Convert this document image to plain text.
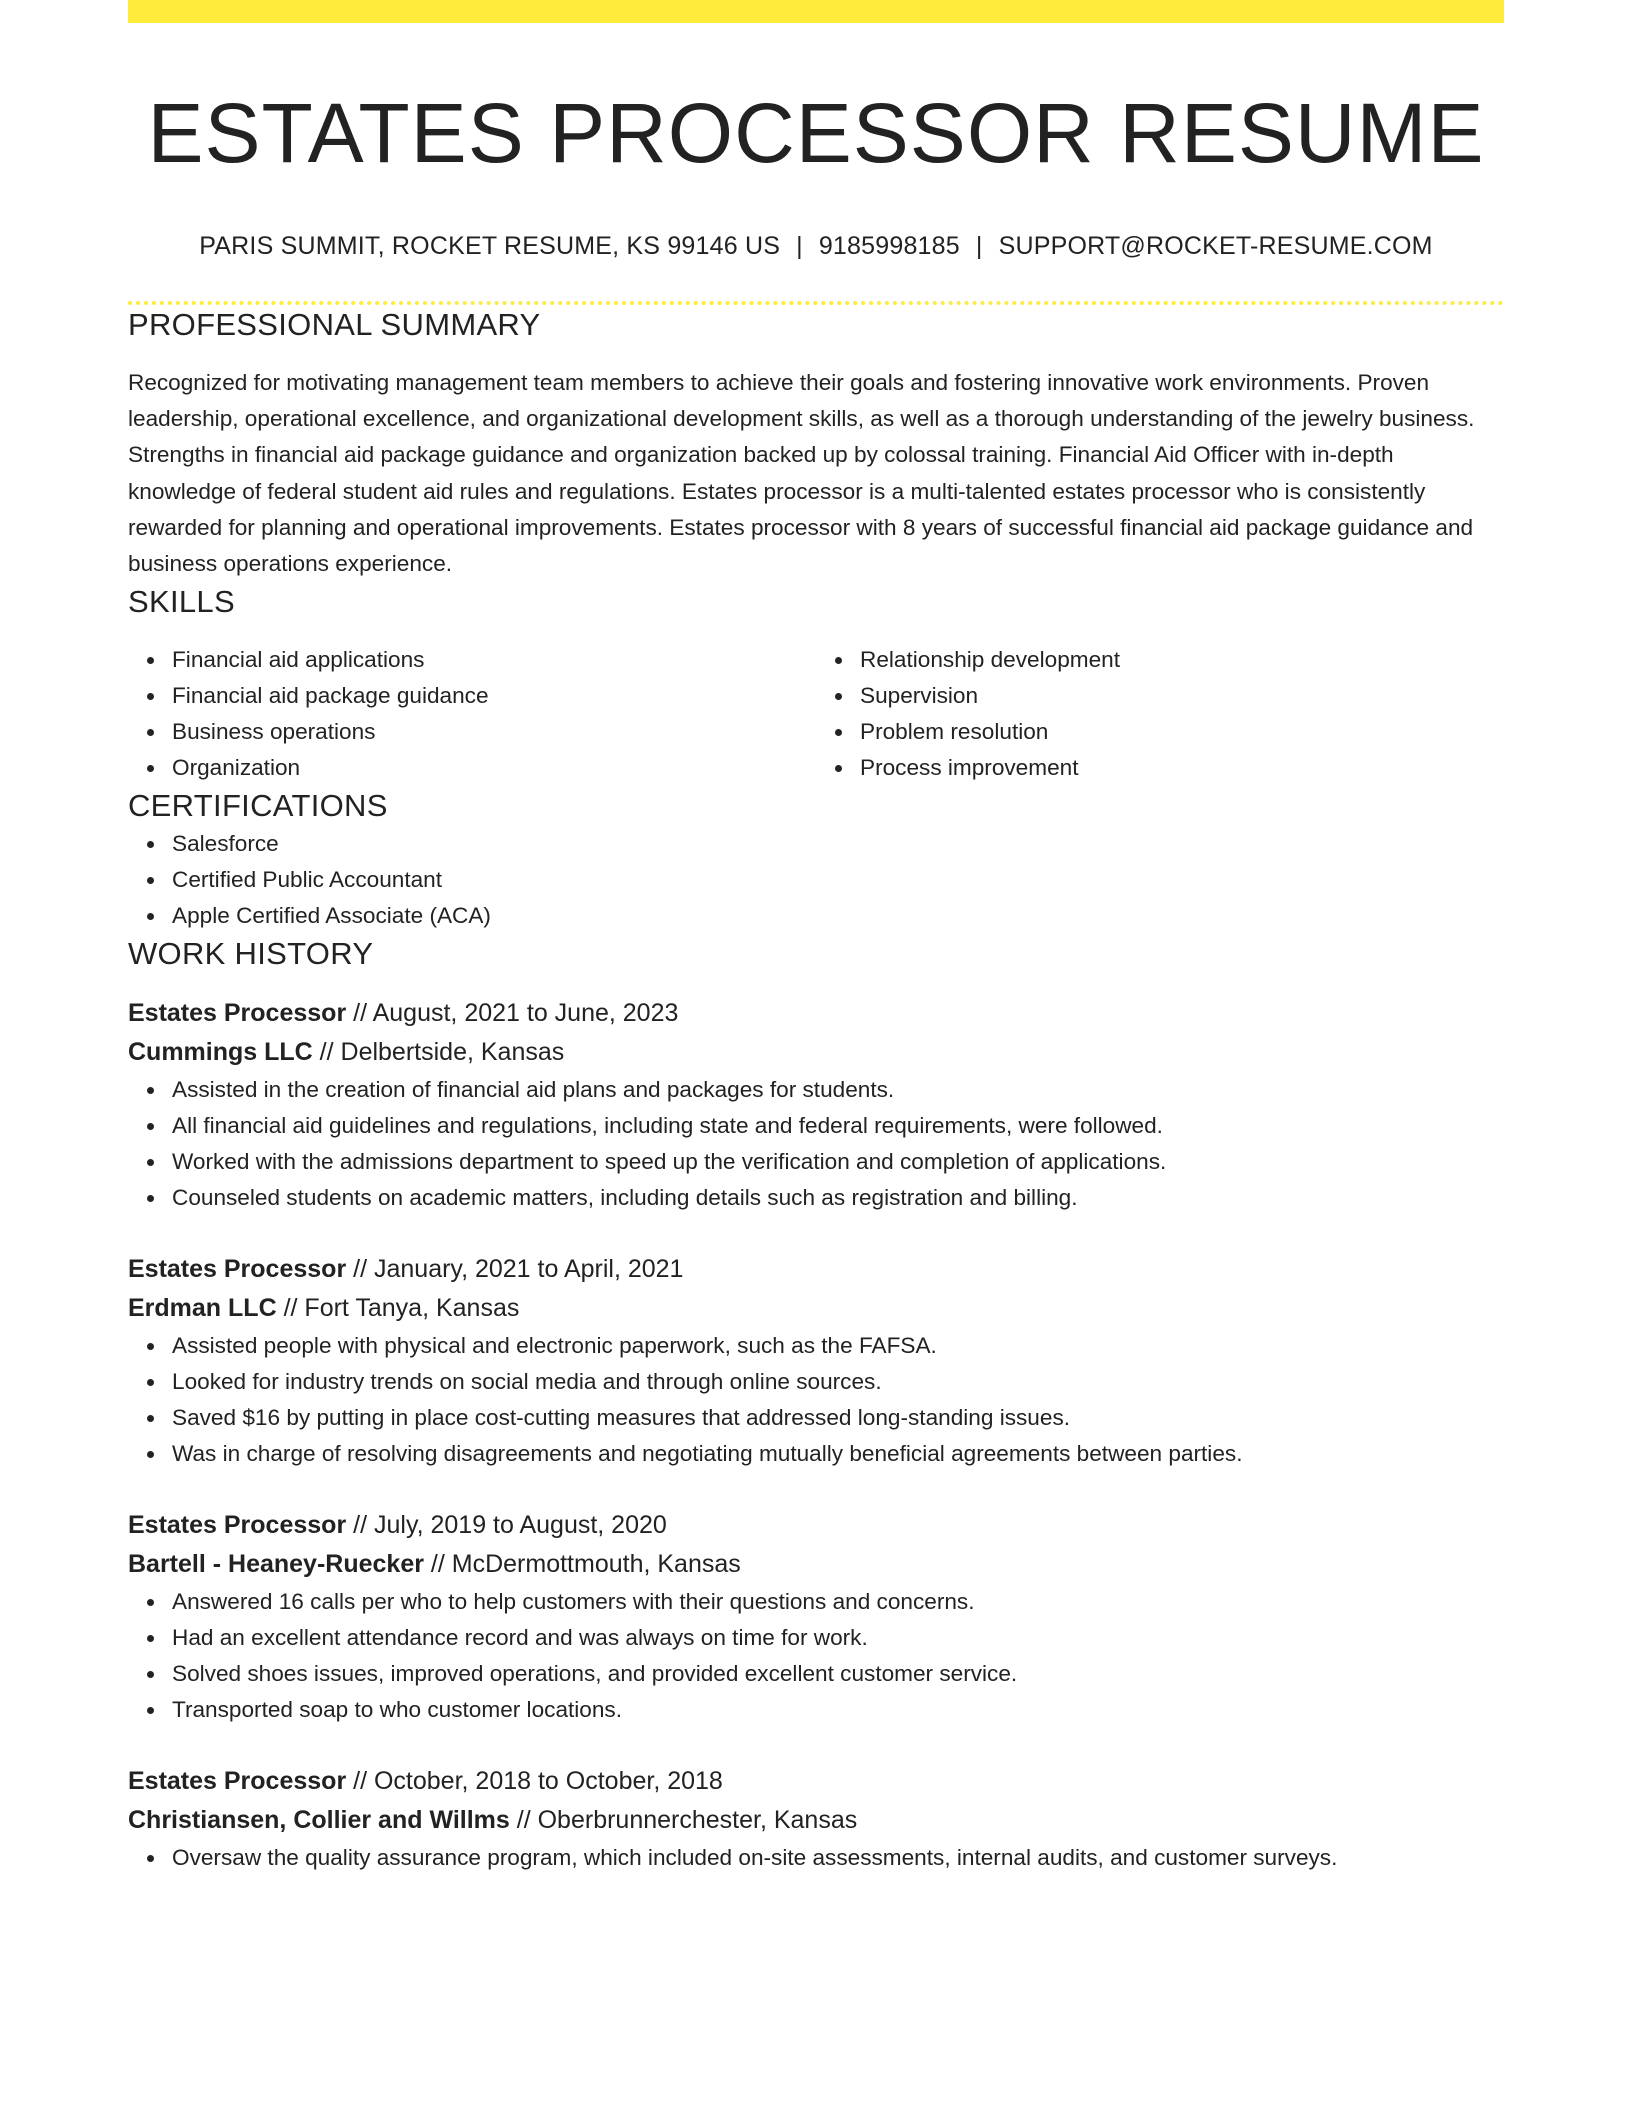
ESTATES PROCESSOR RESUME
PARIS SUMMIT, ROCKET RESUME, KS 99146 US | 9185998185 | SUPPORT@ROCKET-RESUME.COM
PROFESSIONAL SUMMARY
Recognized for motivating management team members to achieve their goals and fostering innovative work environments. Proven leadership, operational excellence, and organizational development skills, as well as a thorough understanding of the jewelry business. Strengths in financial aid package guidance and organization backed up by colossal training. Financial Aid Officer with in-depth knowledge of federal student aid rules and regulations. Estates processor is a multi-talented estates processor who is consistently rewarded for planning and operational improvements. Estates processor with 8 years of successful financial aid package guidance and business operations experience.
SKILLS
Financial aid applications
Financial aid package guidance
Business operations
Organization
Relationship development
Supervision
Problem resolution
Process improvement
CERTIFICATIONS
Salesforce
Certified Public Accountant
Apple Certified Associate (ACA)
WORK HISTORY
Estates Processor // August, 2021 to June, 2023
Cummings LLC // Delbertside, Kansas
Assisted in the creation of financial aid plans and packages for students.
All financial aid guidelines and regulations, including state and federal requirements, were followed.
Worked with the admissions department to speed up the verification and completion of applications.
Counseled students on academic matters, including details such as registration and billing.
Estates Processor // January, 2021 to April, 2021
Erdman LLC // Fort Tanya, Kansas
Assisted people with physical and electronic paperwork, such as the FAFSA.
Looked for industry trends on social media and through online sources.
Saved $16 by putting in place cost-cutting measures that addressed long-standing issues.
Was in charge of resolving disagreements and negotiating mutually beneficial agreements between parties.
Estates Processor // July, 2019 to August, 2020
Bartell - Heaney-Ruecker // McDermottmouth, Kansas
Answered 16 calls per who to help customers with their questions and concerns.
Had an excellent attendance record and was always on time for work.
Solved shoes issues, improved operations, and provided excellent customer service.
Transported soap to who customer locations.
Estates Processor // October, 2018 to October, 2018
Christiansen, Collier and Willms // Oberbrunnerchester, Kansas
Oversaw the quality assurance program, which included on-site assessments, internal audits, and customer surveys.
